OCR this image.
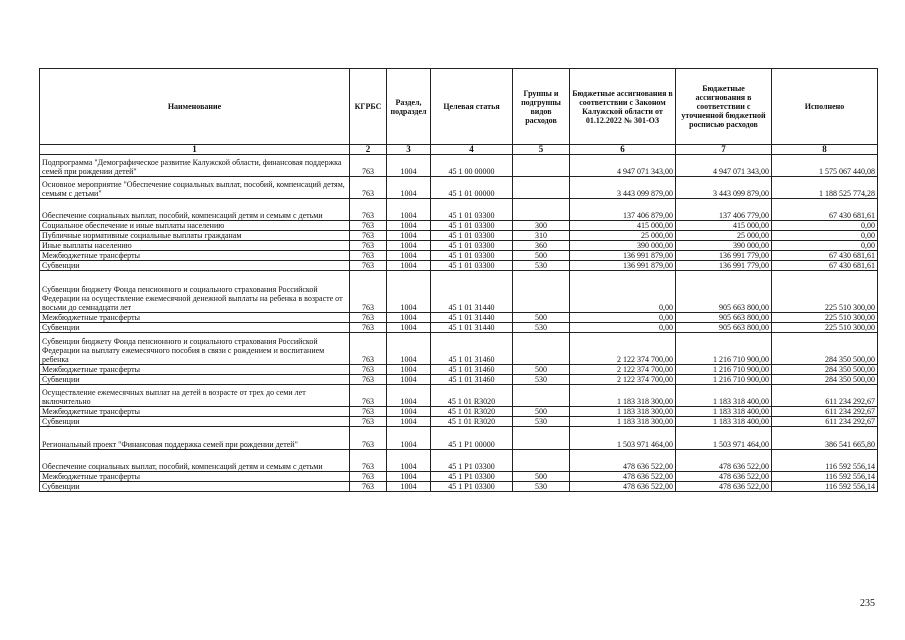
Наименование	КГРБС	Раздел, подраздел	Целевая статья	Группы и подгруппы видов расходов	Бюджетные ассигнования в соответствии с Законом Калужской области от 01.12.2022 № 301-ОЗ	Бюджетные ассигнования в соответствии с уточненной бюджетной росписью расходов	Исполнено
1	2	3	4	5	6	7	8
Подпрограмма "Демографическое развитие Калужской области, финансовая поддержка семей при рождении детей"	763	1004	45 1 00 00000		4 947 071 343,00	4 947 071 343,00	1 575 067 440,08
Основное мероприятие "Обеспечение социальных выплат, пособий, компенсаций детям, семьям с детьми"	763	1004	45 1 01 00000		3 443 099 879,00	3 443 099 879,00	1 188 525 774,28
Обеспечение социальных выплат, пособий, компенсаций детям и семьям с детьми	763	1004	45 1 01 03300		137 406 879,00	137 406 779,00	67 430 681,61
Социальное обеспечение и иные выплаты населению	763	1004	45 1 01 03300	300	415 000,00	415 000,00	0,00
Публичные нормативные социальные выплаты гражданам	763	1004	45 1 01 03300	310	25 000,00	25 000,00	0,00
Иные выплаты населению	763	1004	45 1 01 03300	360	390 000,00	390 000,00	0,00
Межбюджетные трансферты	763	1004	45 1 01 03300	500	136 991 879,00	136 991 779,00	67 430 681,61
Субвенции	763	1004	45 1 01 03300	530	136 991 879,00	136 991 779,00	67 430 681,61
Субвенции бюджету Фонда пенсионного и социального страхования Российской Федерации на осуществление ежемесячной денежной выплаты на ребенка в возрасте от восьми до семнадцати лет	763	1004	45 1 01 31440		0,00	905 663 800,00	225 510 300,00
Межбюджетные трансферты	763	1004	45 1 01 31440	500	0,00	905 663 800,00	225 510 300,00
Субвенции	763	1004	45 1 01 31440	530	0,00	905 663 800,00	225 510 300,00
Субвенции бюджету Фонда пенсионного и социального страхования Российской Федерации на выплату ежемесячного пособия в связи с рождением и воспитанием ребенка	763	1004	45 1 01 31460		2 122 374 700,00	1 216 710 900,00	284 350 500,00
Межбюджетные трансферты	763	1004	45 1 01 31460	500	2 122 374 700,00	1 216 710 900,00	284 350 500,00
Субвенции	763	1004	45 1 01 31460	530	2 122 374 700,00	1 216 710 900,00	284 350 500,00
Осуществление ежемесячных выплат на детей в возрасте от трех до семи лет включительно	763	1004	45 1 01 R3020		1 183 318 300,00	1 183 318 400,00	611 234 292,67
Межбюджетные трансферты	763	1004	45 1 01 R3020	500	1 183 318 300,00	1 183 318 400,00	611 234 292,67
Субвенции	763	1004	45 1 01 R3020	530	1 183 318 300,00	1 183 318 400,00	611 234 292,67
Региональный проект "Финансовая поддержка семей при рождении детей"	763	1004	45 1 P1 00000		1 503 971 464,00	1 503 971 464,00	386 541 665,80
Обеспечение социальных выплат, пособий, компенсаций детям и семьям с детьми	763	1004	45 1 P1 03300		478 636 522,00	478 636 522,00	116 592 556,14
Межбюджетные трансферты	763	1004	45 1 P1 03300	500	478 636 522,00	478 636 522,00	116 592 556,14
Субвенции	763	1004	45 1 P1 03300	530	478 636 522,00	478 636 522,00	116 592 556,14
235
